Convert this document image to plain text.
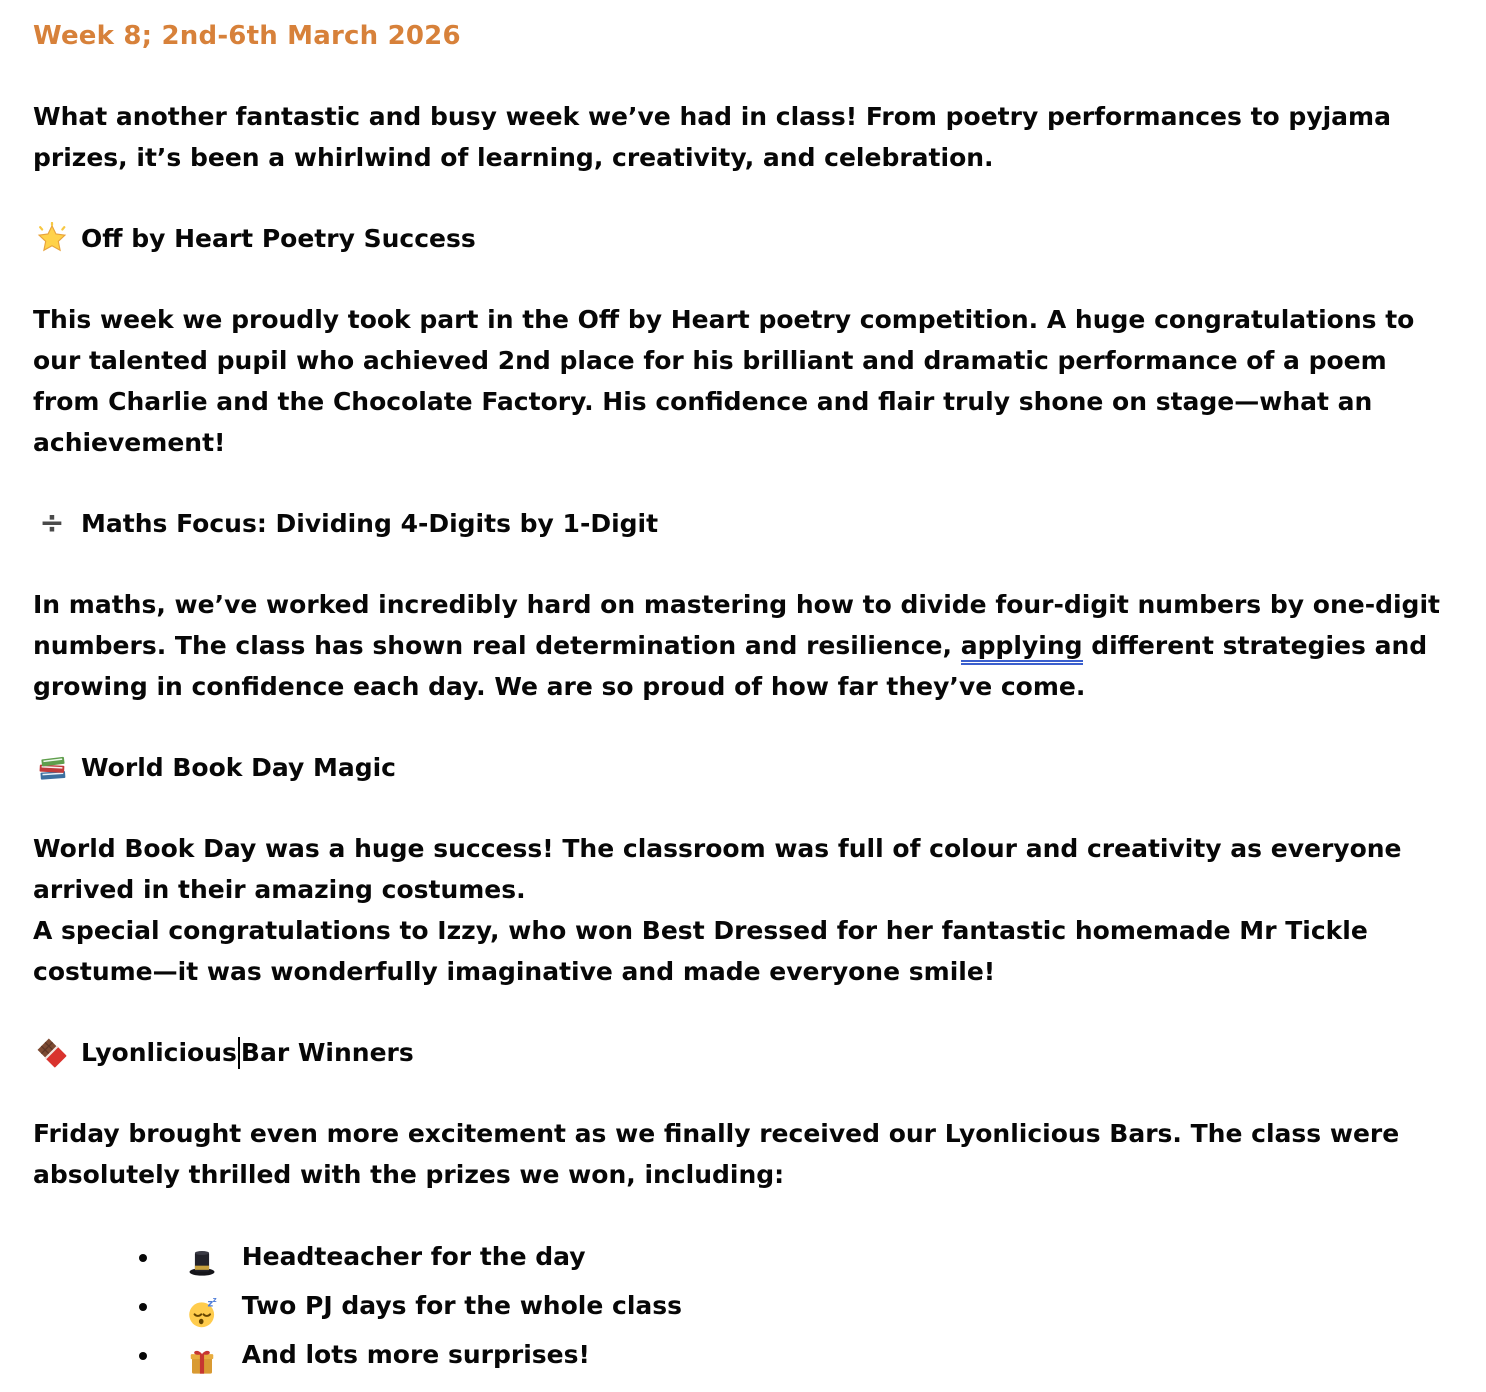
Week 8; 2nd-6th March 2026
What another fantastic and busy week we’ve had in class! From poetry performances to pyjama prizes, it’s been a whirlwind of learning, creativity, and celebration.
Off by Heart Poetry Success
This week we proudly took part in the Off by Heart poetry competition. A huge congratulations to our talented pupil who achieved 2nd place for his brilliant and dramatic performance of a poem from Charlie and the Chocolate Factory. His confidence and flair truly shone on stage—what an achievement!
÷ Maths Focus: Dividing 4-Digits by 1-Digit
In maths, we’ve worked incredibly hard on mastering how to divide four-digit numbers by one-digit numbers. The class has shown real determination and resilience, applying different strategies and growing in confidence each day. We are so proud of how far they’ve come.
World Book Day Magic
World Book Day was a huge success! The classroom was full of colour and creativity as everyone arrived in their amazing costumes.
A special congratulations to Izzy, who won Best Dressed for her fantastic homemade Mr Tickle costume—it was wonderfully imaginative and made everyone smile!
Lyonlicious Bar Winners
Friday brought even more excitement as we finally received our Lyonlicious Bars. The class were absolutely thrilled with the prizes we won, including:
• Headteacher for the day
• z z Two PJ days for the whole class
• And lots more surprises!
